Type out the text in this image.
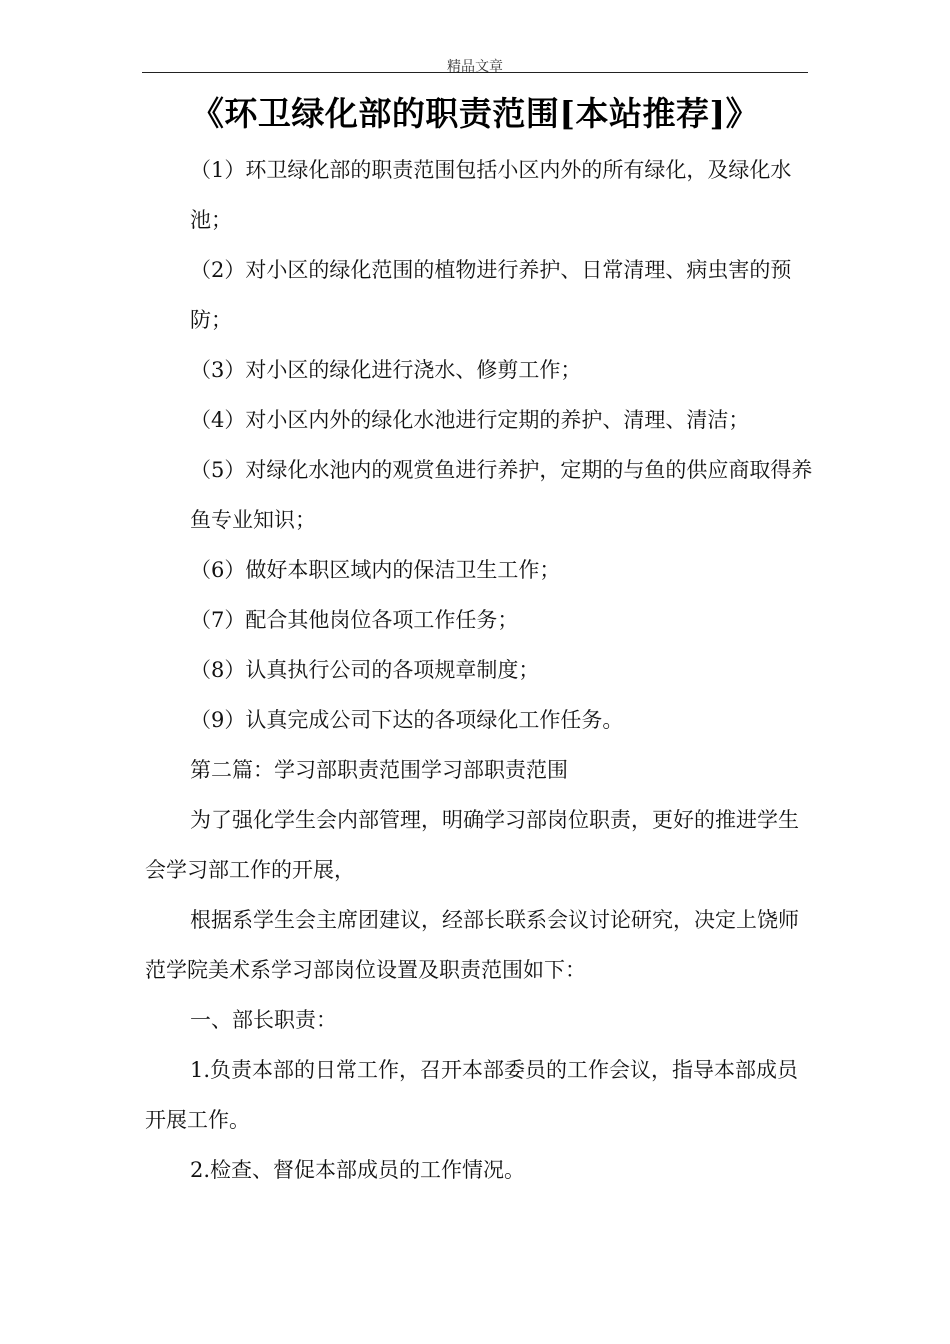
精品文章
《环卫绿化部的职责范围[本站推荐]》

（1）环卫绿化部的职责范围包括小区内外的所有绿化，及绿化水池；

（2）对小区的绿化范围的植物进行养护、日常清理、病虫害的预防；

（3）对小区的绿化进行浇水、修剪工作；

（4）对小区内外的绿化水池进行定期的养护、清理、清洁；

（5）对绿化水池内的观赏鱼进行养护，定期的与鱼的供应商取得养鱼专业知识；

（6）做好本职区域内的保洁卫生工作；

（7）配合其他岗位各项工作任务；

（8）认真执行公司的各项规章制度；

（9）认真完成公司下达的各项绿化工作任务。

第二篇：学习部职责范围学习部职责范围

为了强化学生会内部管理，明确学习部岗位职责，更好的推进学生会学习部工作的开展，

根据系学生会主席团建议，经部长联系会议讨论研究，决定上饶师范学院美术系学习部岗位设置及职责范围如下：

一、部长职责：

1.负责本部的日常工作，召开本部委员的工作会议，指导本部成员开展工作。

2.检查、督促本部成员的工作情况。
